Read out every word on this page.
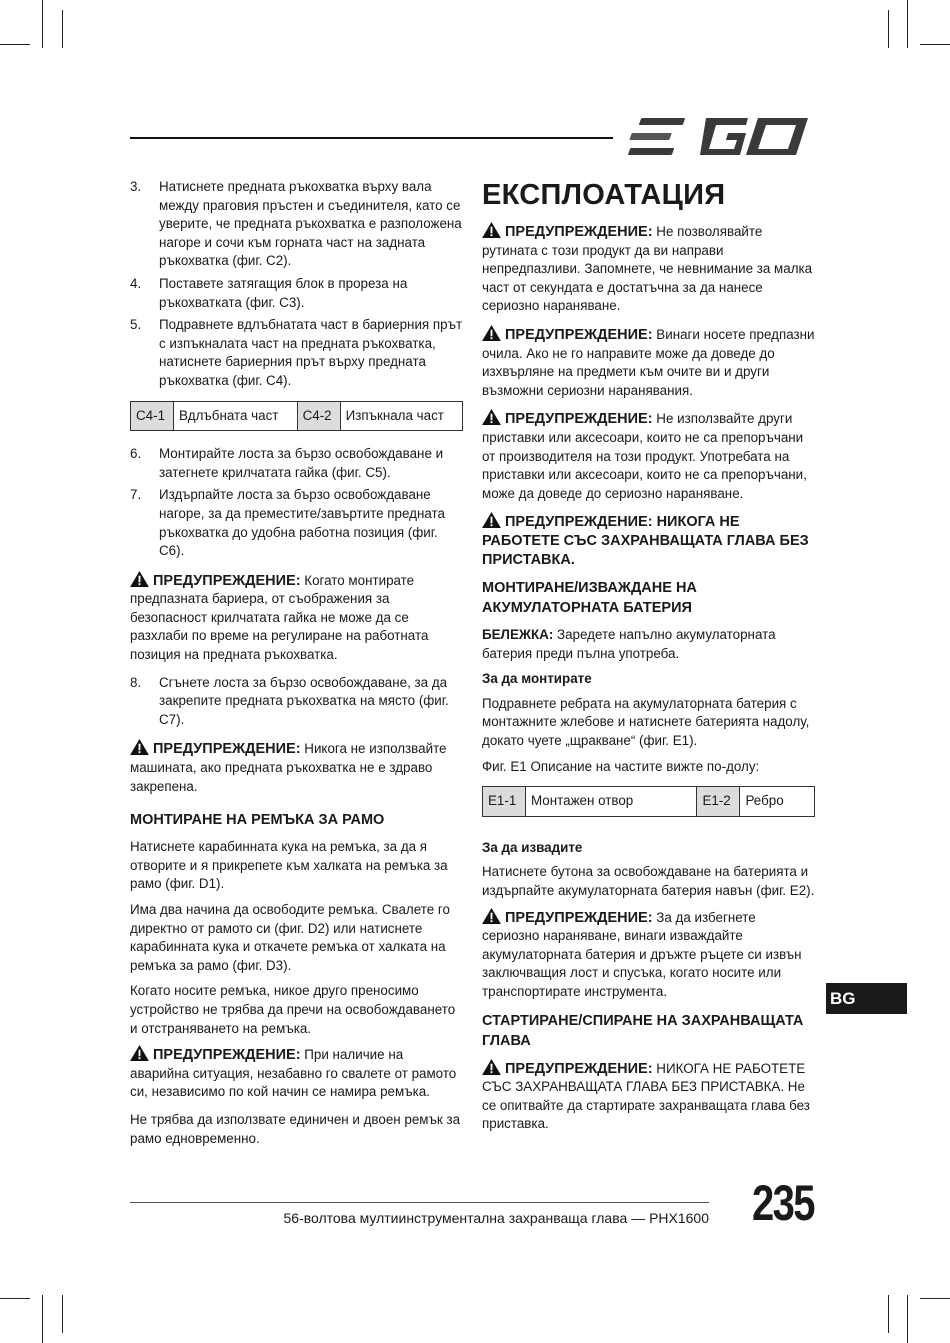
3.	Натиснете предната ръкохватка върху вала между праговия пръстен и съединителя, като се уверите, че предната ръкохватка е разположена нагоре и сочи към горната част на задната ръкохватка (фиг. C2).
4.	Поставете затягащия блок в прореза на ръкохватката (фиг. C3).
5.	Подравнете вдлъбнатата част в бариерния прът с изпъкналата част на предната ръкохватка, натиснете бариерния прът върху предната ръкохватка (фиг. C4).
C4-1	Вдлъбната част	C4-2	Изпъкнала част
6.	Монтирайте лоста за бързо освобождаване и затегнете крилчатата гайка (фиг. C5).
7.	Издърпайте лоста за бързо освобождаване нагоре, за да преместите/завъртите предната ръкохватка до удобна работна позиция (фиг. C6).

ПРЕДУПРЕЖДЕНИЕ: Когато монтирате предпазната бариера, от съображения за безопасност крилчатата гайка не може да се разхлаби по време на регулиране на работната позиция на предната ръкохватка.

8.	Сгънете лоста за бързо освобождаване, за да закрепите предната ръкохватка на място (фиг. C7).

ПРЕДУПРЕЖДЕНИЕ: Никога не използвайте машината, ако предната ръкохватка не е здраво закрепена.

МОНТИРАНЕ НА РЕМЪКА ЗА РАМО

Натиснете карабинната кука на ремъка, за да я отворите и я прикрепете към халката на ремъка за рамо (фиг. D1).

Има два начина да освободите ремъка. Свалете го директно от рамото си (фиг. D2) или натиснете карабинната кука и откачете ремъка от халката на ремъка за рамо (фиг. D3).

Когато носите ремъка, никое друго преносимо устройство не трябва да пречи на освобождаването и отстраняването на ремъка.

ПРЕДУПРЕЖДЕНИЕ: При наличие на аварийна ситуация, незабавно го свалете от рамото си, независимо по кой начин се намира ремъка.

Не трябва да използвате единичен и двоен ремък за рамо едновременно.

ЕКСПЛОАТАЦИЯ

ПРЕДУПРЕЖДЕНИЕ: Не позволявайте рутината с този продукт да ви направи непредпазливи. Запомнете, че невнимание за малка част от секундата е достатъчна за да нанесе сериозно нараняване.

ПРЕДУПРЕЖДЕНИЕ: Винаги носете предпазни очила. Ако не го направите може да доведе до изхвърляне на предмети към очите ви и други възможни сериозни наранявания.

ПРЕДУПРЕЖДЕНИЕ: Не използвайте други приставки или аксесоари, които не са препоръчани от производителя на този продукт. Употребата на приставки или аксесоари, които не са препоръчани, може да доведе до сериозно нараняване.

ПРЕДУПРЕЖДЕНИЕ: НИКОГА НЕ РАБОТЕТЕ СЪС ЗАХРАНВАЩАТА ГЛАВА БЕЗ ПРИСТАВКА.

МОНТИРАНЕ/ИЗВАЖДАНЕ НА АКУМУЛАТОРНАТА БАТЕРИЯ

БЕЛЕЖКА: Заредете напълно акумулаторната батерия преди пълна употреба.

За да монтирате

Подравнете ребрата на акумулаторната батерия с монтажните жлебове и натиснете батерията надолу, докато чуете „щракване“ (фиг. E1).

Фиг. E1 Описание на частите вижте по-долу:

E1-1	Монтажен отвор	E1-2	Ребро
За да извадите

Натиснете бутона за освобождаване на батерията и издърпайте акумулаторната батерия навън (фиг. E2).

ПРЕДУПРЕЖДЕНИЕ: За да избегнете сериозно нараняване, винаги изваждайте акумулаторната батерия и дръжте ръцете си извън заключващия лост и спусъка, когато носите или транспортирате инструмента.

СТАРТИРАНЕ/СПИРАНЕ НА ЗАХРАНВАЩАТА ГЛАВА

ПРЕДУПРЕЖДЕНИЕ: НИКОГА НЕ РАБОТЕТЕ СЪС ЗАХРАНВАЩАТА ГЛАВА БЕЗ ПРИСТАВКА. Не се опитвайте да стартирате захранващата глава без приставка.

BG
56-волтова мултиинструментална захранваща глава — PHX1600 235
